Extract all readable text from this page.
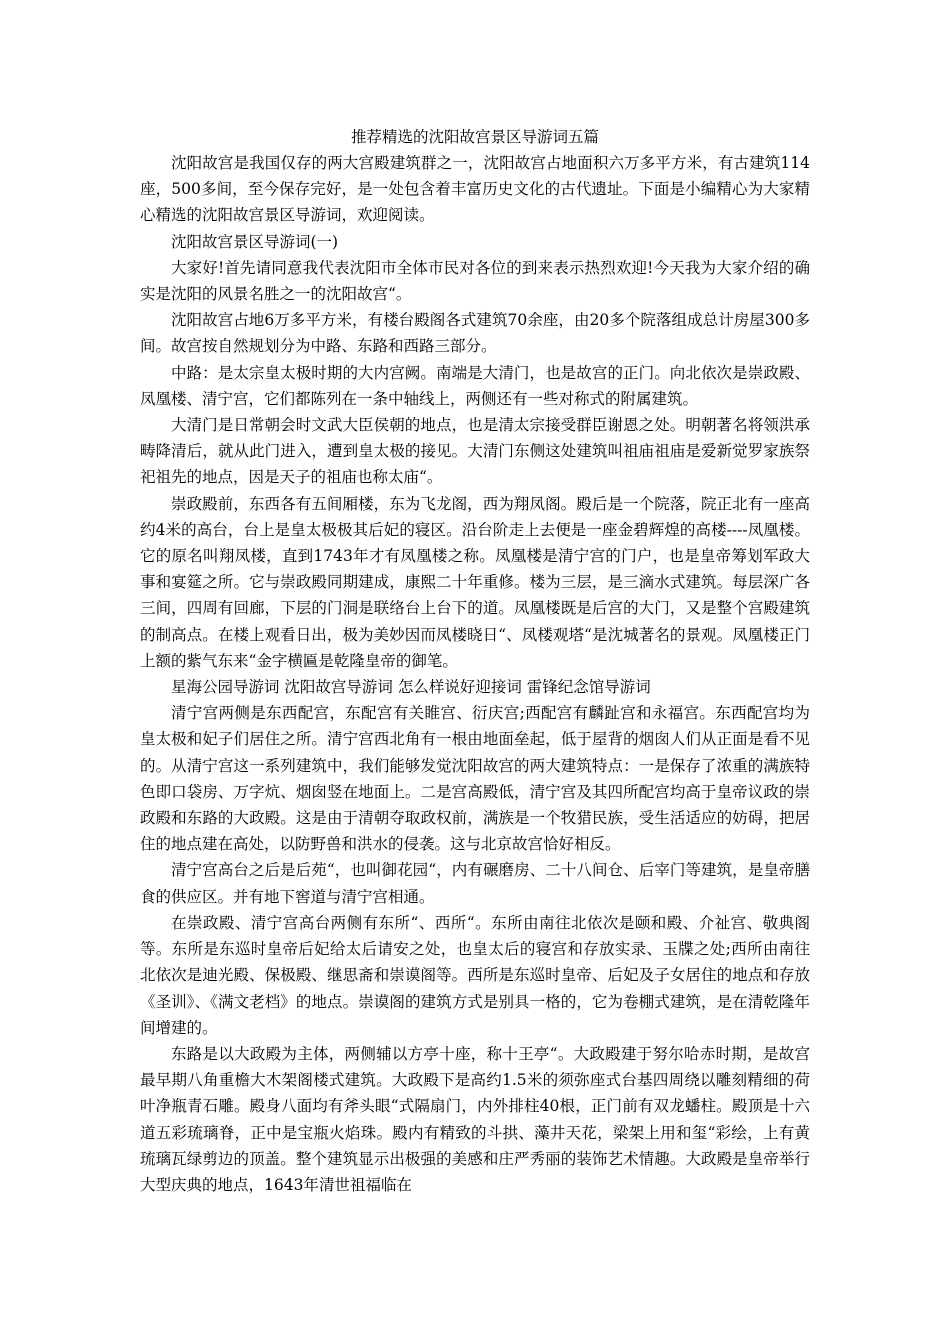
推荐精选的沈阳故宫景区导游词五篇

沈阳故宫是我国仅存的两大宫殿建筑群之一，沈阳故宫占地面积六万多平方米，有古建筑114座，500多间，至今保存完好，是一处包含着丰富历史文化的古代遗址。下面是小编精心为大家精心精选的沈阳故宫景区导游词，欢迎阅读。

沈阳故宫景区导游词(一)

大家好!首先请同意我代表沈阳市全体市民对各位的到来表示热烈欢迎!今天我为大家介绍的确实是沈阳的风景名胜之一的沈阳故宫“。

沈阳故宫占地6万多平方米，有楼台殿阁各式建筑70余座，由20多个院落组成总计房屋300多间。故宫按自然规划分为中路、东路和西路三部分。

中路：是太宗皇太极时期的大内宫阙。南端是大清门，也是故宫的正门。向北依次是崇政殿、凤凰楼、清宁宫，它们都陈列在一条中轴线上，两侧还有一些对称式的附属建筑。

大清门是日常朝会时文武大臣侯朝的地点，也是清太宗接受群臣谢恩之处。明朝著名将领洪承畴降清后，就从此门进入，遭到皇太极的接见。大清门东侧这处建筑叫祖庙祖庙是爱新觉罗家族祭祀祖先的地点，因是天子的祖庙也称太庙“。

崇政殿前，东西各有五间厢楼，东为飞龙阁，西为翔凤阁。殿后是一个院落，院正北有一座高约4米的高台，台上是皇太极极其后妃的寝区。沿台阶走上去便是一座金碧辉煌的高楼----凤凰楼。它的原名叫翔凤楼，直到1743年才有凤凰楼之称。凤凰楼是清宁宫的门户，也是皇帝筹划军政大事和宴筵之所。它与崇政殿同期建成，康熙二十年重修。楼为三层，是三滴水式建筑。每层深广各三间，四周有回廊，下层的门洞是联络台上台下的道。凤凰楼既是后宫的大门，又是整个宫殿建筑的制高点。在楼上观看日出，极为美妙因而凤楼晓日“、凤楼观塔“是沈城著名的景观。凤凰楼正门上额的紫气东来“金字横匾是乾隆皇帝的御笔。

星海公园导游词 沈阳故宫导游词 怎么样说好迎接词 雷锋纪念馆导游词

清宁宫两侧是东西配宫，东配宫有关睢宫、衍庆宫;西配宫有麟趾宫和永福宫。东西配宫均为皇太极和妃子们居住之所。清宁宫西北角有一根由地面垒起，低于屋背的烟囱人们从正面是看不见的。从清宁宫这一系列建筑中，我们能够发觉沈阳故宫的两大建筑特点：一是保存了浓重的满族特色即口袋房、万字炕、烟囱竖在地面上。二是宫高殿低，清宁宫及其四所配宫均高于皇帝议政的崇政殿和东路的大政殿。这是由于清朝夺取政权前，满族是一个牧猎民族，受生活适应的妨碍，把居住的地点建在高处，以防野兽和洪水的侵袭。这与北京故宫恰好相反。

清宁宫高台之后是后苑“，也叫御花园“，内有碾磨房、二十八间仓、后宰门等建筑，是皇帝膳食的供应区。并有地下窖道与清宁宫相通。

在崇政殿、清宁宫高台两侧有东所“、西所“。东所由南往北依次是颐和殿、介祉宫、敬典阁等。东所是东巡时皇帝后妃给太后请安之处，也皇太后的寝宫和存放实录、玉牒之处;西所由南往北依次是迪光殿、保极殿、继思斋和崇谟阁等。西所是东巡时皇帝、后妃及子女居住的地点和存放《圣训》、《满文老档》的地点。崇谟阁的建筑方式是别具一格的，它为卷棚式建筑，是在清乾隆年间增建的。

东路是以大政殿为主体，两侧辅以方亭十座，称十王亭“。大政殿建于努尔哈赤时期，是故宫最早期八角重檐大木架阁楼式建筑。大政殿下是高约1.5米的须弥座式台基四周绕以雕刻精细的荷叶净瓶青石雕。殿身八面均有斧头眼“式隔扇门，内外排柱40根，正门前有双龙蟠柱。殿顶是十六道五彩琉璃脊，正中是宝瓶火焰珠。殿内有精致的斗拱、藻井天花，梁架上用和玺“彩绘，上有黄琉璃瓦绿剪边的顶盖。整个建筑显示出极强的美感和庄严秀丽的装饰艺术情趣。大政殿是皇帝举行大型庆典的地点，1643年清世祖福临在
